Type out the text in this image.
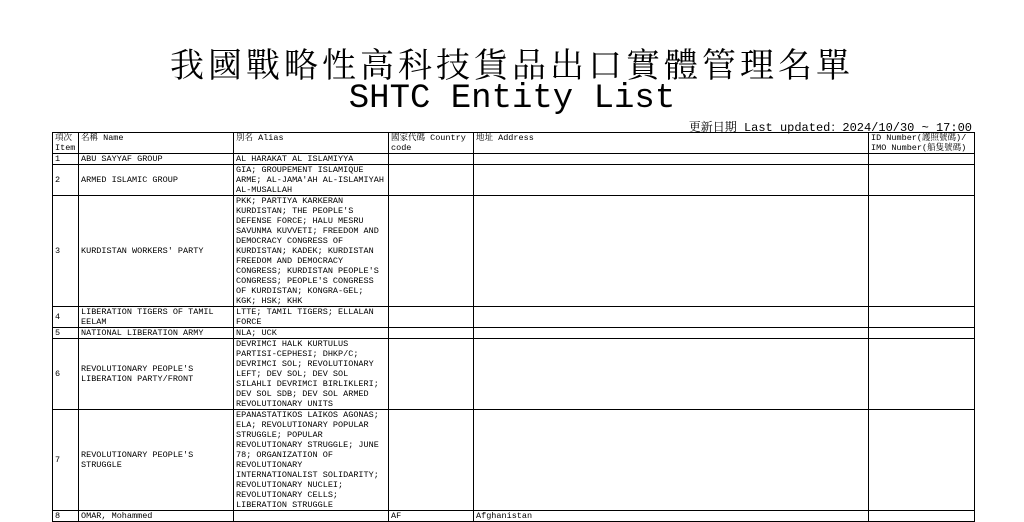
我國戰略性高科技貨品出口實體管理名單
SHTC Entity List
更新日期 Last updated：2024/10/30 ~ 17:00
項次 Item	名稱 Name	別名 Alias	國家代碼 Country code	地址 Address	ID Number(護照號碼)/ IMO Number(船隻號碼)
1	ABU SAYYAF GROUP	AL HARAKAT AL ISLAMIYYA			
2	ARMED ISLAMIC GROUP	GIA; GROUPEMENT ISLAMIQUE ARME; AL-JAMA'AH AL-ISLAMIYAH AL-MUSALLAH			
3	KURDISTAN WORKERS' PARTY	PKK; PARTIYA KARKERAN KURDISTAN; THE PEOPLE'S DEFENSE FORCE; HALU MESRU SAVUNMA KUVVETI; FREEDOM AND DEMOCRACY CONGRESS OF KURDISTAN; KADEK; KURDISTAN FREEDOM AND DEMOCRACY CONGRESS; KURDISTAN PEOPLE'S CONGRESS; PEOPLE'S CONGRESS OF KURDISTAN; KONGRA-GEL; KGK; HSK; KHK			
4	LIBERATION TIGERS OF TAMIL EELAM	LTTE; TAMIL TIGERS; ELLALAN FORCE			
5	NATIONAL LIBERATION ARMY	NLA; UCK			
6	REVOLUTIONARY PEOPLE'S LIBERATION PARTY/FRONT	DEVRIMCI HALK KURTULUS PARTISI-CEPHESI; DHKP/C; DEVRIMCI SOL; REVOLUTIONARY LEFT; DEV SOL; DEV SOL SILAHLI DEVRIMCI BIRLIKLERI; DEV SOL SDB; DEV SOL ARMED REVOLUTIONARY UNITS			
7	REVOLUTIONARY PEOPLE'S STRUGGLE	EPANASTATIKOS LAIKOS AGONAS; ELA; REVOLUTIONARY POPULAR STRUGGLE; POPULAR REVOLUTIONARY STRUGGLE; JUNE 78; ORGANIZATION OF REVOLUTIONARY INTERNATIONALIST SOLIDARITY; REVOLUTIONARY NUCLEI; REVOLUTIONARY CELLS; LIBERATION STRUGGLE			
8	OMAR, Mohammed		AF	Afghanistan	
